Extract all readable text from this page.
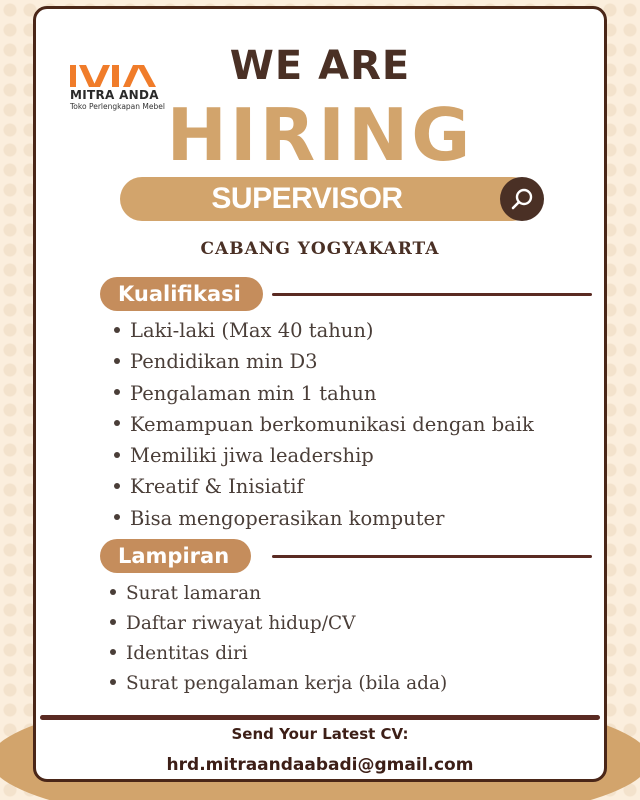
MITRA ANDA
Toko Perlengkapan Mebel
WE ARE
HIRING
SUPERVISOR
CABANG YOGYAKARTA
Kualifikasi
Laki-laki (Max 40 tahun)
Pendidikan min D3
Pengalaman min 1 tahun
Kemampuan berkomunikasi dengan baik
Memiliki jiwa leadership
Kreatif & Inisiatif
Bisa mengoperasikan komputer
Lampiran
Surat lamaran
Daftar riwayat hidup/CV
Identitas diri
Surat pengalaman kerja (bila ada)
Send Your Latest CV:
hrd.mitraandaabadi@gmail.com
